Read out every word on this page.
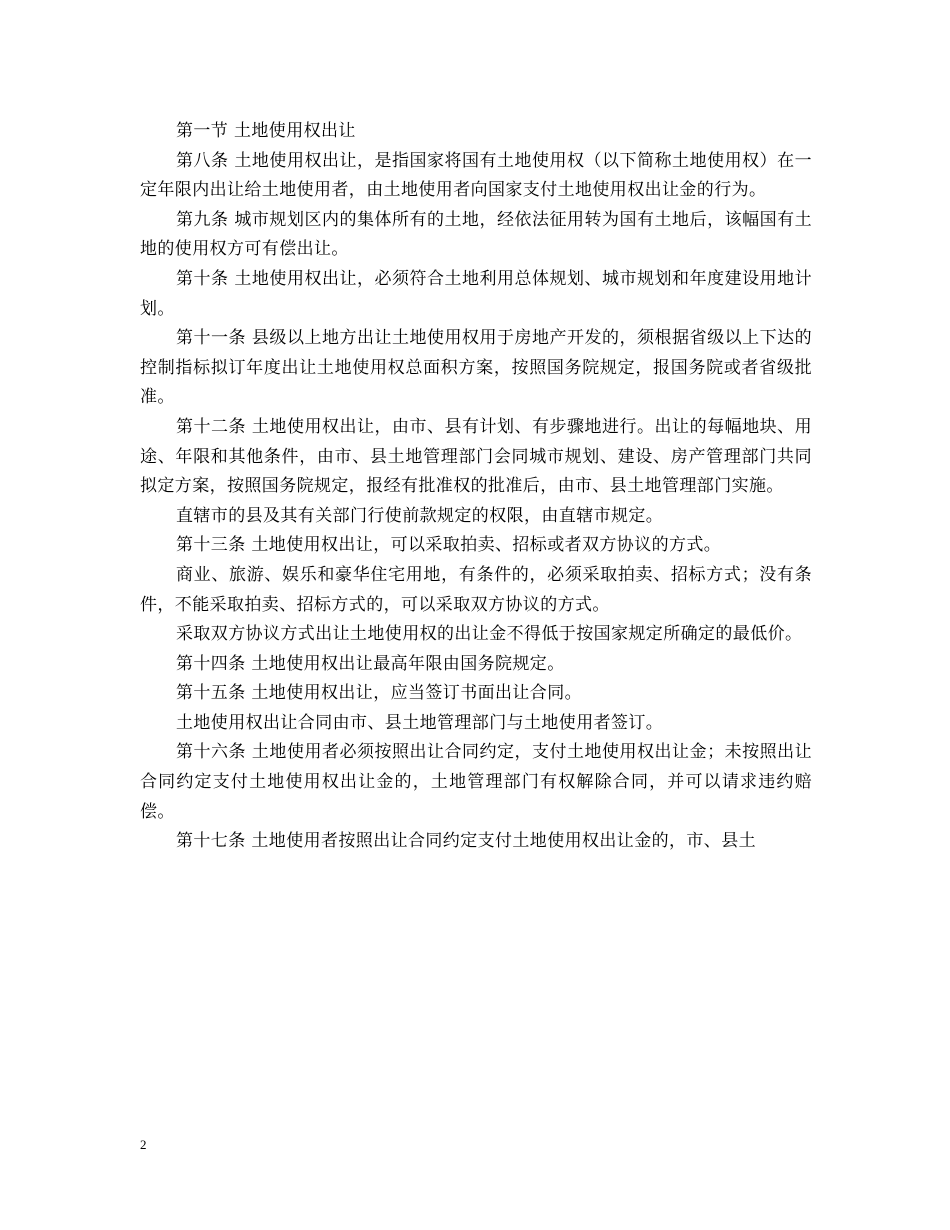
第一节 土地使用权出让

第八条 土地使用权出让，是指国家将国有土地使用权（以下简称土地使用权）在一定年限内出让给土地使用者，由土地使用者向国家支付土地使用权出让金的行为。

第九条 城市规划区内的集体所有的土地，经依法征用转为国有土地后，该幅国有土地的使用权方可有偿出让。

第十条 土地使用权出让，必须符合土地利用总体规划、城市规划和年度建设用地计划。

第十一条 县级以上地方出让土地使用权用于房地产开发的，须根据省级以上下达的控制指标拟订年度出让土地使用权总面积方案，按照国务院规定，报国务院或者省级批准。

第十二条 土地使用权出让，由市、县有计划、有步骤地进行。出让的每幅地块、用途、年限和其他条件，由市、县土地管理部门会同城市规划、建设、房产管理部门共同拟定方案，按照国务院规定，报经有批准权的批准后，由市、县土地管理部门实施。

直辖市的县及其有关部门行使前款规定的权限，由直辖市规定。

第十三条 土地使用权出让，可以采取拍卖、招标或者双方协议的方式。

商业、旅游、娱乐和豪华住宅用地，有条件的，必须采取拍卖、招标方式；没有条件，不能采取拍卖、招标方式的，可以采取双方协议的方式。

采取双方协议方式出让土地使用权的出让金不得低于按国家规定所确定的最低价。

第十四条 土地使用权出让最高年限由国务院规定。

第十五条 土地使用权出让，应当签订书面出让合同。

土地使用权出让合同由市、县土地管理部门与土地使用者签订。

第十六条 土地使用者必须按照出让合同约定，支付土地使用权出让金；未按照出让合同约定支付土地使用权出让金的，土地管理部门有权解除合同，并可以请求违约赔偿。

第十七条 土地使用者按照出让合同约定支付土地使用权出让金的，市、县土

2
